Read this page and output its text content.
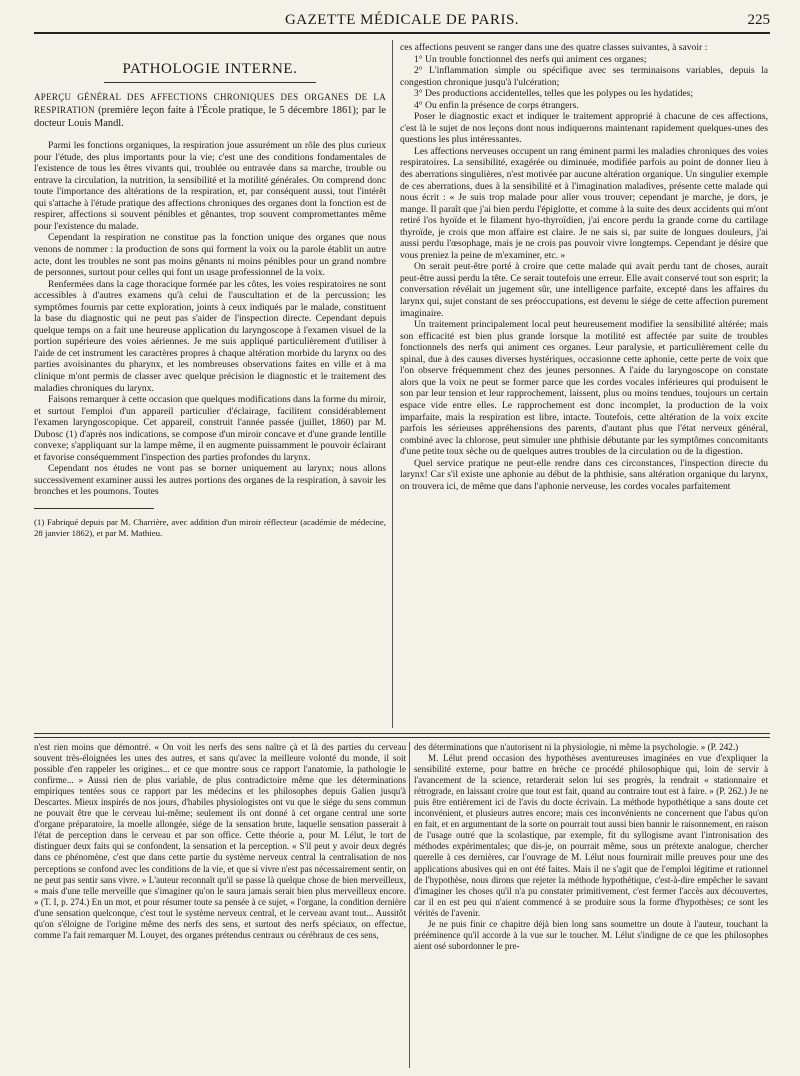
GAZETTE MÉDICALE DE PARIS.	225
PATHOLOGIE INTERNE.

APERÇU GÉNÉRAL DES AFFECTIONS CHRONIQUES DES ORGANES DE LA RESPIRATION (première leçon faite à l'École pratique, le 5 décembre 1861); par le docteur Louis Mandl.

Parmi les fonctions organiques, la respiration joue assurément un rôle des plus curieux pour l'étude, des plus importants pour la vie; c'est une des conditions fondamentales de l'existence de tous les êtres vivants qui, troublée ou entravée dans sa marche, trouble ou entrave la circulation, la nutrition, la sensibilité et la motilité générales. On comprend donc toute l'importance des altérations de la respiration, et, par conséquent aussi, tout l'intérêt qui s'attache à l'étude pratique des affections chroniques des organes dont la fonction est de respirer, affections si souvent pénibles et gênantes, trop souvent compromettantes même pour l'existence du malade.

Cependant la respiration ne constitue pas la fonction unique des organes que nous venons de nommer : la production de sons qui forment la voix ou la parole établit un autre acte, dont les troubles ne sont pas moins gênants ni moins pénibles pour un grand nombre de personnes, surtout pour celles qui font un usage professionnel de la voix.

Renfermées dans la cage thoracique formée par les côtes, les voies respiratoires ne sont accessibles à d'autres examens qu'à celui de l'auscultation et de la percussion; les symptômes fournis par cette exploration, joints à ceux indiqués par le malade, constituent la base du diagnostic qui ne peut pas s'aider de l'inspection directe. Cependant depuis quelque temps on a fait une heureuse application du laryngoscope à l'examen visuel de la portion supérieure des voies aériennes. Je me suis appliqué particulièrement d'utiliser à l'aide de cet instrument les caractères propres à chaque altération morbide du larynx ou des parties avoisinantes du pharynx, et les nombreuses observations faites en ville et à ma clinique m'ont permis de classer avec quelque précision le diagnostic et le traitement des maladies chroniques du larynx.

Faisons remarquer à cette occasion que quelques modifications dans la forme du miroir, et surtout l'emploi d'un appareil particulier d'éclairage, facilitent considérablement l'examen laryngoscopique. Cet appareil, construit l'année passée (juillet, 1860) par M. Dubosc (1) d'après nos indications, se compose d'un miroir concave et d'une grande lentille convexe; s'appliquant sur la lampe même, il en augmente puissamment le pouvoir éclairant et favorise conséquemment l'inspection des parties profondes du larynx.

Cependant nos études ne vont pas se borner uniquement au larynx; nous allons successivement examiner aussi les autres portions des organes de la respiration, à savoir les bronches et les poumons. Toutes

(1) Fabriqué depuis par M. Charrière, avec addition d'un miroir réflecteur (académie de médecine, 28 janvier 1862), et par M. Mathieu.

ces affections peuvent se ranger dans une des quatre classes suivantes, à savoir :

1° Un trouble fonctionnel des nerfs qui animent ces organes;

2° L'inflammation simple ou spécifique avec ses terminaisons variables, depuis la congestion chronique jusqu'à l'ulcération;

3° Des productions accidentelles, telles que les polypes ou les hydatides;

4° Ou enfin la présence de corps étrangers.

Poser le diagnostic exact et indiquer le traitement approprié à chacune de ces affections, c'est là le sujet de nos leçons dont nous indiquerons maintenant rapidement quelques-unes des questions les plus intéressantes.

Les affections nerveuses occupent un rang éminent parmi les maladies chroniques des voies respiratoires. La sensibilité, exagérée ou diminuée, modifiée parfois au point de donner lieu à des aberrations singulières, n'est motivée par aucune altération organique. Un singulier exemple de ces aberrations, dues à la sensibilité et à l'imagination maladives, présente cette malade qui nous écrit : « Je suis trop malade pour aller vous trouver; cependant je marche, je dors, je mange. Il paraît que j'ai bien perdu l'épiglotte, et comme à la suite des deux accidents qui m'ont retiré l'os hyoïde et le filament hyo-thyroïdien, j'ai encore perdu la grande corne du cartilage thyroïde, je crois que mon affaire est claire. Je ne sais si, par suite de longues douleurs, j'ai aussi perdu l'œsophage, mais je ne crois pas pouvoir vivre longtemps. Cependant je désire que vous preniez la peine de m'examiner, etc. »

On serait peut-être porté à croire que cette malade qui avait perdu tant de choses, aurait peut-être aussi perdu la tête. Ce serait toutefois une erreur. Elle avait conservé tout son esprit; la conversation révélait un jugement sûr, une intelligence parfaite, excepté dans les affaires du larynx qui, sujet constant de ses préoccupations, est devenu le siége de cette affection purement imaginaire.

Un traitement principalement local peut heureusement modifier la sensibilité altérée; mais son efficacité est bien plus grande lorsque la motilité est affectée par suite de troubles fonctionnels des nerfs qui animent ces organes. Leur paralysie, et particulièrement celle du spinal, due à des causes diverses hystériques, occasionne cette aphonie, cette perte de voix que l'on observe fréquemment chez des jeunes personnes. A l'aide du laryngoscope on constate alors que la voix ne peut se former parce que les cordes vocales inférieures qui produisent le son par leur tension et leur rapprochement, laissent, plus ou moins tendues, toujours un certain espace vide entre elles. Le rapprochement est donc incomplet, la production de la voix imparfaite, mais la respiration est libre, intacte. Toutefois, cette altération de la voix excite parfois les sérieuses appréhensions des parents, d'autant plus que l'état nerveux général, combiné avec la chlorose, peut simuler une phthisie débutante par les symptômes concomitants d'une petite toux sèche ou de quelques autres troubles de la circulation ou de la digestion.

Quel service pratique ne peut-elle rendre dans ces circonstances, l'inspection directe du larynx! Car s'il existe une aphonie au début de la phthisie, sans altération organique du larynx, on trouvera ici, de même que dans l'aphonie nerveuse, les cordes vocales parfaitement

n'est rien moins que démontré. « On voit les nerfs des sens naître çà et là des parties du cerveau souvent très-éloignées les unes des autres, et sans qu'avec la meilleure volonté du monde, il soit possible d'en rappeler les origines... et ce que montre sous ce rapport l'anatomie, la pathologie le confirme... » Aussi rien de plus variable, de plus contradictoire même que les déterminations empiriques tentées sous ce rapport par les médecins et les philosophes depuis Galien jusqu'à Descartes. Mieux inspirés de nos jours, d'habiles physiologistes ont vu que le siége du sens commun ne pouvait être que le cerveau lui-même; seulement ils ont donné à cet organe central une sorte d'organe préparatoire, la moelle allongée, siége de la sensation brute, laquelle sensation passerait à l'état de perception dans le cerveau et par son office. Cette théorie a, pour M. Lélut, le tort de distinguer deux faits qui se confondent, la sensation et la perception. « S'il peut y avoir deux degrés dans ce phénomène, c'est que dans cette partie du système nerveux central la centralisation de nos perceptions se confond avec les conditions de la vie, et que si vivre n'est pas nécessairement sentir, on ne peut pas sentir sans vivre. » L'auteur reconnaît qu'il se passe là quelque chose de bien merveilleux, « mais d'une telle merveille que s'imaginer qu'on le saura jamais serait bien plus merveilleux encore. » (T. I, p. 274.) En un mot, et pour résumer toute sa pensée à ce sujet, « l'organe, la condition dernière d'une sensation quelconque, c'est tout le système nerveux central, et le cerveau avant tout... Aussitôt qu'on s'éloigne de l'origine même des nerfs des sens, et surtout des nerfs spéciaux, on effectue, comme l'a fait remarquer M. Louyet, des organes prétendus centraux ou cérébraux de ces sens,

des déterminations que n'autorisent ni la physiologie, ni même la psychologie. » (P. 242.)

M. Lélut prend occasion des hypothèses aventureuses imaginées en vue d'expliquer la sensibilité externe, pour battre en brèche ce procédé philosophique qui, loin de servir à l'avancement de la science, retarderait selon lui ses progrès, la rendrait « stationnaire et rétrograde, en laissant croire que tout est fait, quand au contraire tout est à faire. » (P. 262.) Je ne puis être entièrement ici de l'avis du docte écrivain. La méthode hypothétique a sans doute cet inconvénient, et plusieurs autres encore; mais ces inconvénients ne concernent que l'abus qu'on en fait, et en argumentant de la sorte on pourrait tout aussi bien bannir le raisonnement, en raison de l'usage outré que la scolastique, par exemple, fit du syllogisme avant l'intronisation des méthodes expérimentales; que dis-je, on pourrait même, sous un prétexte analogue, chercher querelle à ces dernières, car l'ouvrage de M. Lélut nous fournirait mille preuves pour une des applications abusives qui en ont été faites. Mais il ne s'agit que de l'emploi légitime et rationnel de l'hypothèse, nous dirons que rejeter la méthode hypothétique, c'est-à-dire empêcher le savant d'imaginer les choses qu'il n'a pu constater primitivement, c'est fermer l'accès aux découvertes, car il en est peu qui n'aient commencé à se produire sous la forme d'hypothèses; ce sont les vérités de l'avenir.

Je ne puis finir ce chapitre déjà bien long sans soumettre un doute à l'auteur, touchant la prééminence qu'il accorde à la vue sur le toucher. M. Lélut s'indigne de ce que les philosophes aient osé subordonner le pre-
